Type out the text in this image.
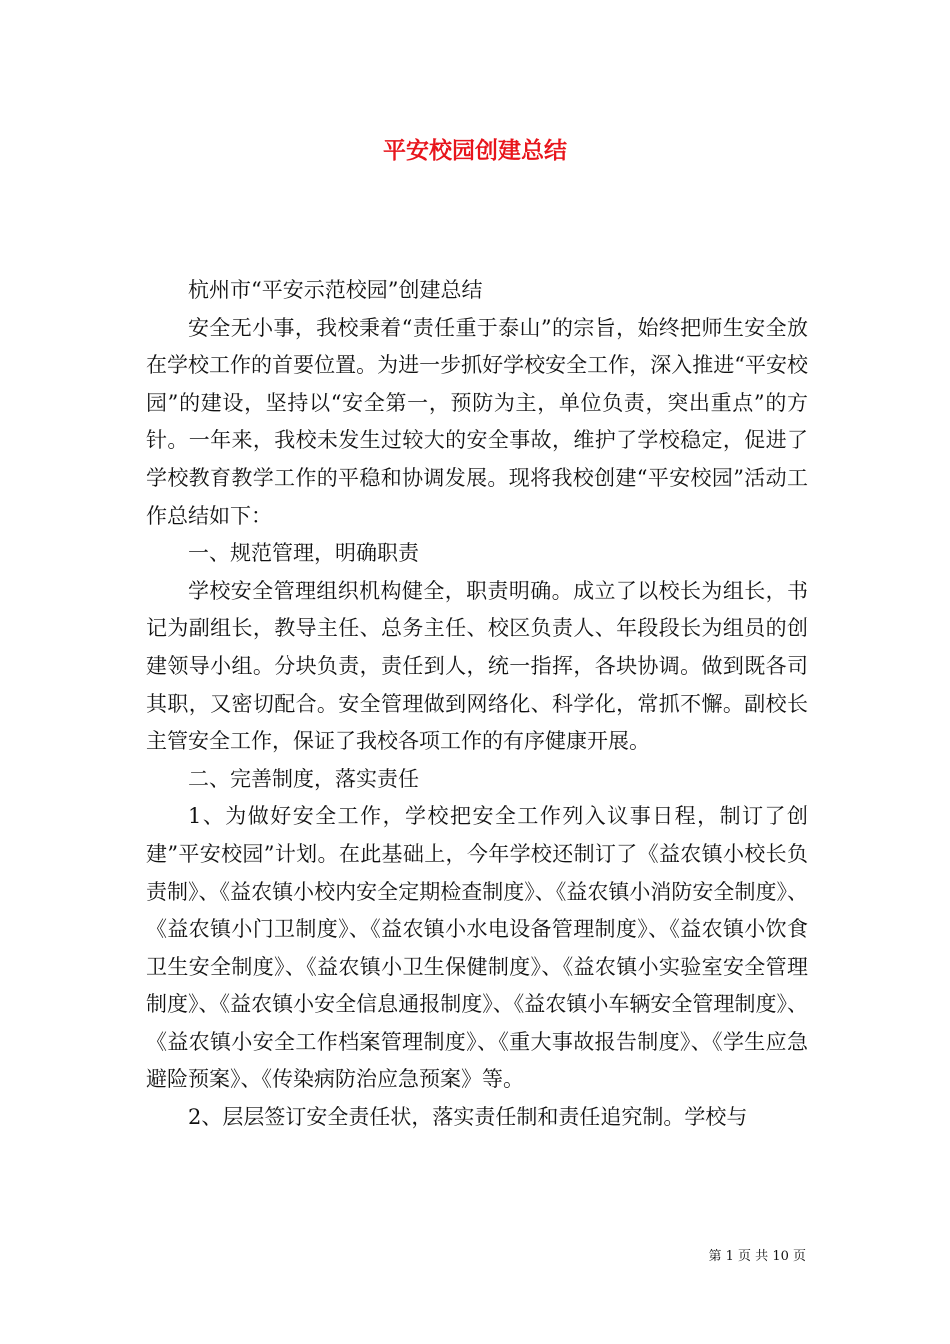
平安校园创建总结

杭州市“平安示范校园”创建总结

安全无小事，我校秉着“责任重于泰山”的宗旨，始终把师生安全放在学校工作的首要位置。为进一步抓好学校安全工作，深入推进“平安校园”的建设，坚持以“安全第一，预防为主，单位负责，突出重点”的方针。一年来，我校未发生过较大的安全事故，维护了学校稳定，促进了学校教育教学工作的平稳和协调发展。现将我校创建“平安校园”活动工作总结如下：

一、规范管理，明确职责

学校安全管理组织机构健全，职责明确。成立了以校长为组长，书记为副组长，教导主任、总务主任、校区负责人、年段段长为组员的创建领导小组。分块负责，责任到人，统一指挥，各块协调。做到既各司其职，又密切配合。安全管理做到网络化、科学化，常抓不懈。副校长主管安全工作，保证了我校各项工作的有序健康开展。

二、完善制度，落实责任

1、为做好安全工作，学校把安全工作列入议事日程，制订了创建”平安校园”计划。在此基础上，今年学校还制订了《益农镇小校长负责制》、《益农镇小校内安全定期检查制度》、《益农镇小消防安全制度》、《益农镇小门卫制度》、《益农镇小水电设备管理制度》、《益农镇小饮食卫生安全制度》、《益农镇小卫生保健制度》、《益农镇小实验室安全管理制度》、《益农镇小安全信息通报制度》、《益农镇小车辆安全管理制度》、《益农镇小安全工作档案管理制度》、《重大事故报告制度》、《学生应急避险预案》、《传染病防治应急预案》等。

2、层层签订安全责任状，落实责任制和责任追究制。学校与

第 1 页 共 10 页
